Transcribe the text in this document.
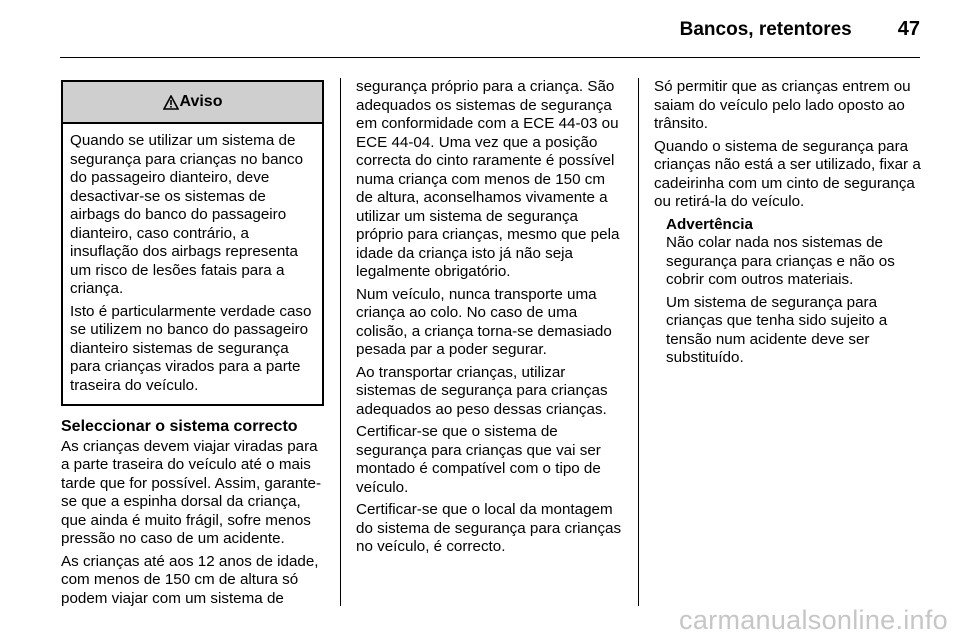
Bancos, retentores 47
Aviso

Quando se utilizar um sistema de segurança para crianças no banco do passageiro dianteiro, deve desactivar-se os sistemas de airbags do banco do passageiro dianteiro, caso contrário, a insuflação dos airbags representa um risco de lesões fatais para a criança.

Isto é particularmente verdade caso se utilizem no banco do passageiro dianteiro sistemas de segurança para crianças virados para a parte traseira do veículo.

Seleccionar o sistema correcto

As crianças devem viajar viradas para a parte traseira do veículo até o mais tarde que for possível. Assim, garante-se que a espinha dorsal da criança, que ainda é muito frágil, sofre menos pressão no caso de um acidente.

As crianças até aos 12 anos de idade, com menos de 150 cm de altura só podem viajar com um sistema de

segurança próprio para a criança. São adequados os sistemas de segurança em conformidade com a ECE 44-03 ou ECE 44-04. Uma vez que a posição correcta do cinto raramente é possível numa criança com menos de 150 cm de altura, aconselhamos vivamente a utilizar um sistema de segurança próprio para crianças, mesmo que pela idade da criança isto já não seja legalmente obrigatório.

Num veículo, nunca transporte uma criança ao colo. No caso de uma colisão, a criança torna-se demasiado pesada par a poder segurar.

Ao transportar crianças, utilizar sistemas de segurança para crianças adequados ao peso dessas crianças.

Certificar-se que o sistema de segurança para crianças que vai ser montado é compatível com o tipo de veículo.

Certificar-se que o local da montagem do sistema de segurança para crianças no veículo, é correcto.

Só permitir que as crianças entrem ou saiam do veículo pelo lado oposto ao trânsito.

Quando o sistema de segurança para crianças não está a ser utilizado, fixar a cadeirinha com um cinto de segurança ou retirá-la do veículo.

Advertência

Não colar nada nos sistemas de segurança para crianças e não os cobrir com outros materiais.

Um sistema de segurança para crianças que tenha sido sujeito a tensão num acidente deve ser substituído.

carmanualsonline.info
